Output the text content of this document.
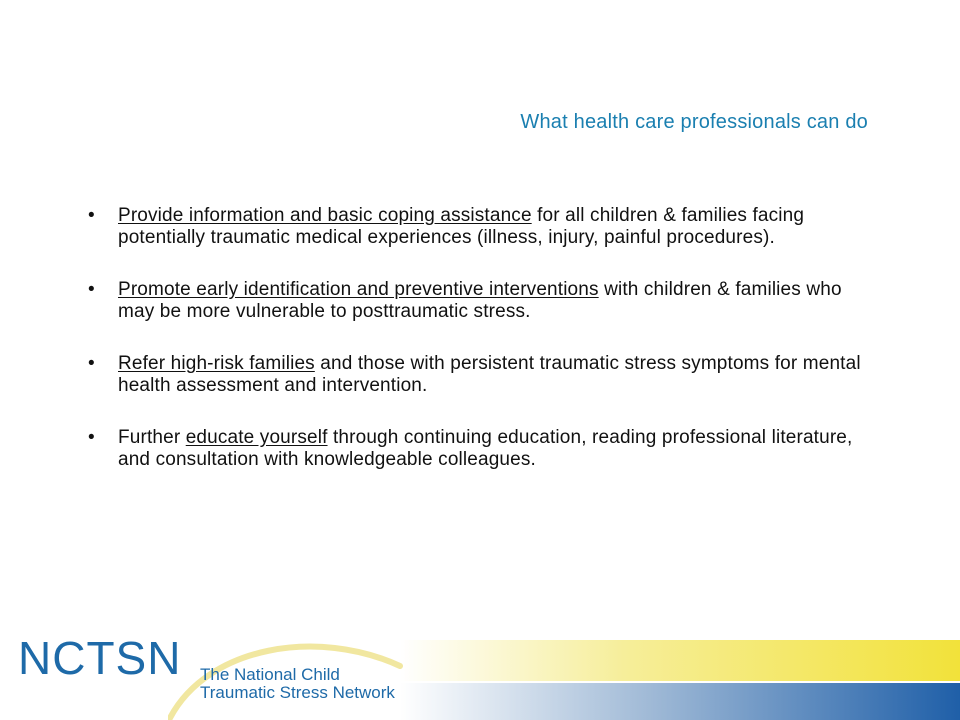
What health care professionals can do
• Provide information and basic coping assistance for all children & families facing potentially traumatic medical experiences (illness, injury, painful procedures).
• Promote early identification and preventive interventions with children & families who may be more vulnerable to posttraumatic stress.
• Refer high-risk families and those with persistent traumatic stress symptoms for mental health assessment and intervention.
• Further educate yourself through continuing education, reading professional literature, and consultation with knowledgeable colleagues.
NCTSN The National Child
Traumatic Stress Network
